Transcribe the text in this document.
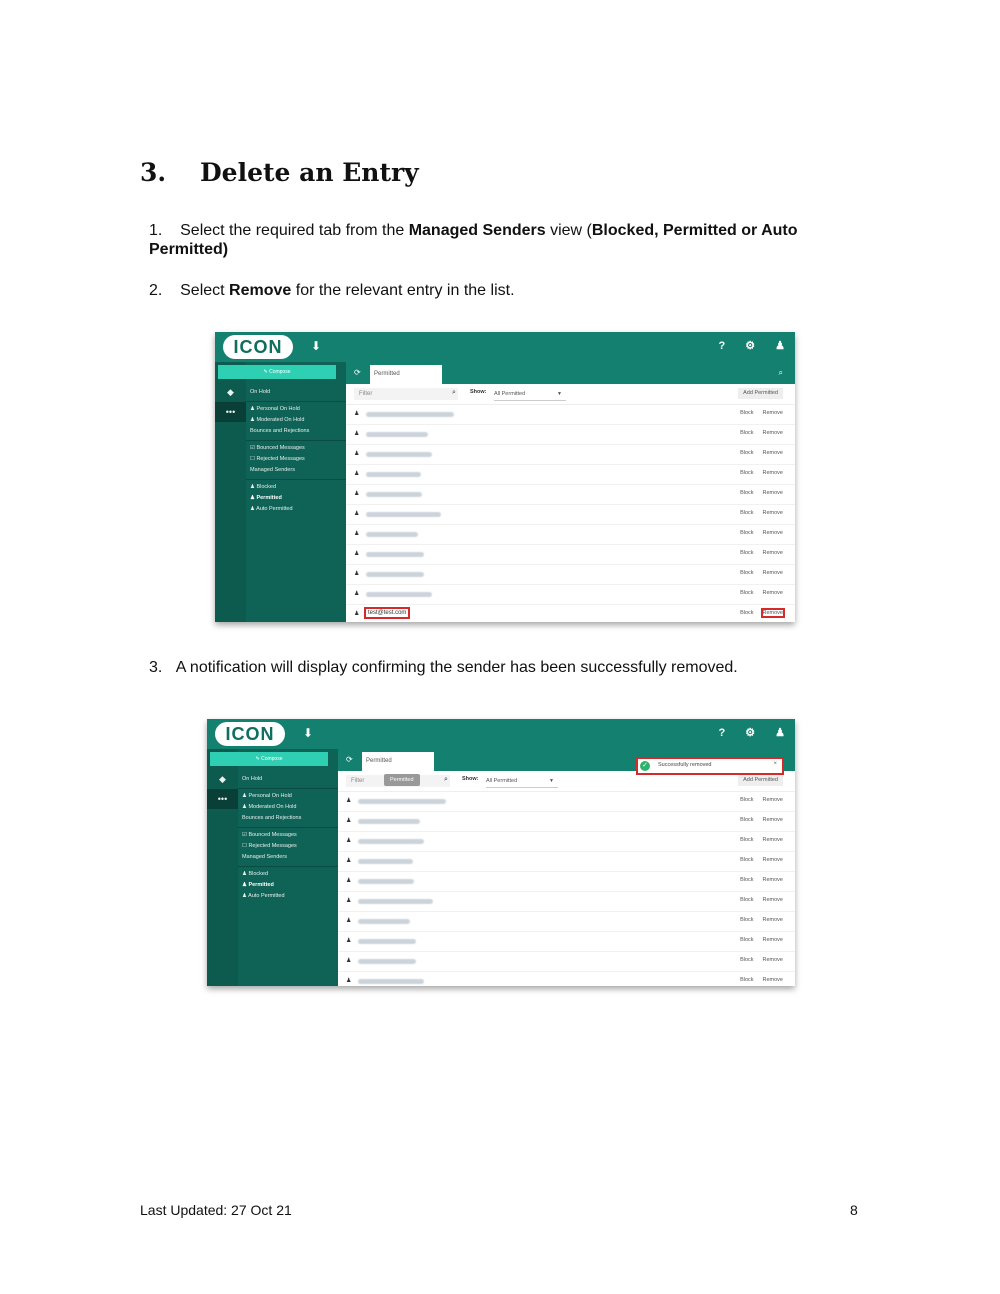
3. Delete an Entry
1. Select the required tab from the Managed Senders view (Blocked, Permitted or Auto
Permitted)
2. Select Remove for the relevant entry in the list.
ICON	⬇	? ⚙ ♟
◆
•••
✎ Compose
On Hold
♟ Personal On Hold
♟ Moderated On Hold
Bounces and Rejections
☑ Bounced Messages
☐ Rejected Messages
Managed Senders
♟ Blocked
♟ Permitted
♟ Auto Permitted
⟳	Permitted	⌕
Filter	⌕	Show: All Permitted	▼	Add Permitted
♟	Block Remove
♟	Block Remove
♟	Block Remove
♟	Block Remove
♟	Block Remove
♟	Block Remove
♟	Block Remove
♟	Block Remove
♟	Block Remove
♟	Block Remove
♟	test@test.com	Block Remove
3. A notification will display confirming the sender has been successfully removed.
ICON	⬇	? ⚙ ♟
◆
•••
✎ Compose
On Hold
♟ Personal On Hold
♟ Moderated On Hold
Bounces and Rejections
☑ Bounced Messages
☐ Rejected Messages
Managed Senders
♟ Blocked
♟ Permitted
♟ Auto Permitted
⟳	Permitted
Filter	Permitted	⌕	Show: All Permitted	▼	Add Permitted
♟	Block Remove
♟	Block Remove
♟	Block Remove
♟	Block Remove
♟	Block Remove
♟	Block Remove
♟	Block Remove
♟	Block Remove
♟	Block Remove
♟	Block Remove
✓	Successfully removed	×
Last Updated: 27 Oct 21	8
